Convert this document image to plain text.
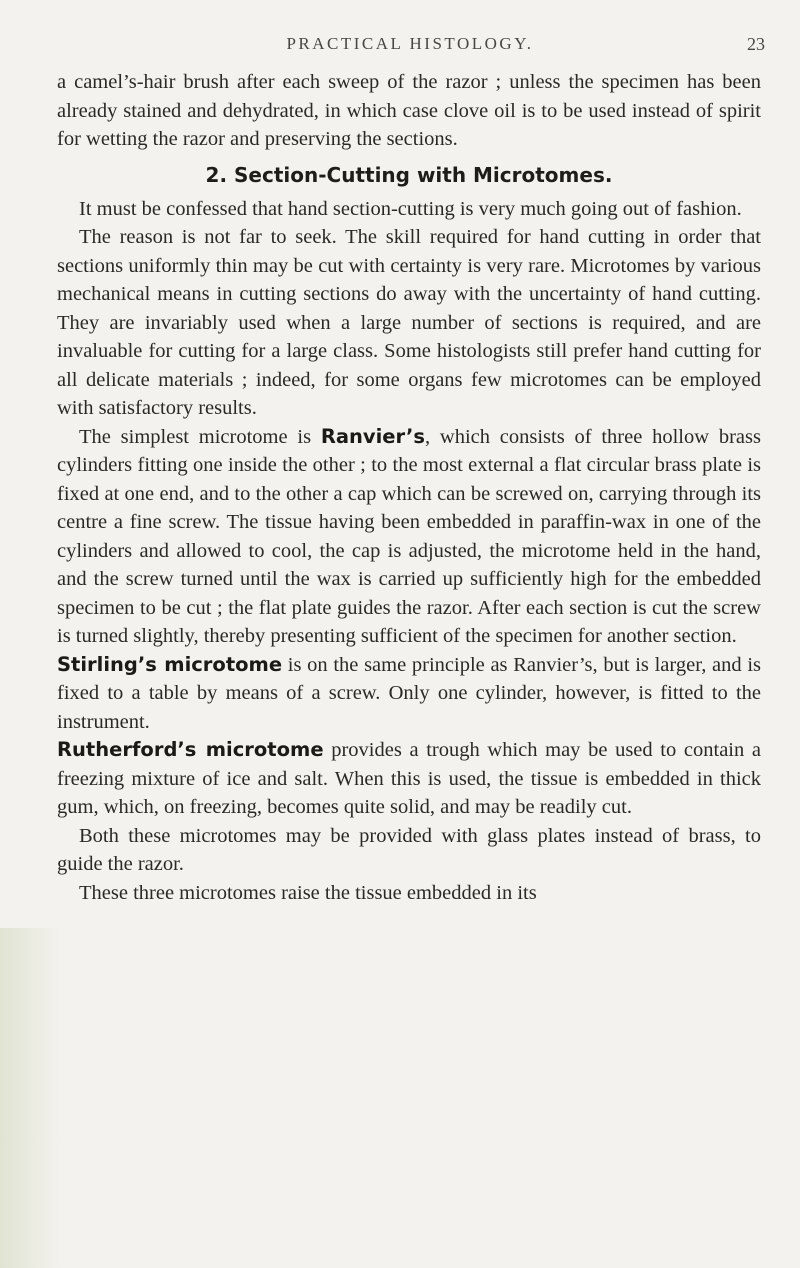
PRACTICAL HISTOLOGY.	23

a camel’s-hair brush after each sweep of the razor ; unless the specimen has been already stained and dehydrated, in which case clove oil is to be used instead of spirit for wetting the razor and preserving the sections.

2. Section-Cutting with Microtomes.

It must be confessed that hand section-cutting is very much going out of fashion.

The reason is not far to seek. The skill required for hand cutting in order that sections uniformly thin may be cut with certainty is very rare. Microtomes by various mechanical means in cutting sections do away with the uncertainty of hand cutting. They are invariably used when a large number of sections is required, and are invaluable for cutting for a large class. Some histologists still prefer hand cutting for all delicate materials ; indeed, for some organs few microtomes can be employed with satisfactory results.

The simplest microtome is Ranvier’s, which consists of three hollow brass cylinders fitting one inside the other ; to the most external a flat circular brass plate is fixed at one end, and to the other a cap which can be screwed on, carrying through its centre a fine screw. The tissue having been embedded in paraffin-wax in one of the cylinders and allowed to cool, the cap is adjusted, the microtome held in the hand, and the screw turned until the wax is carried up sufficiently high for the embedded specimen to be cut ; the flat plate guides the razor. After each section is cut the screw is turned slightly, thereby presenting sufficient of the specimen for another section.

Stirling’s microtome is on the same principle as Ranvier’s, but is larger, and is fixed to a table by means of a screw. Only one cylinder, however, is fitted to the instrument.

Rutherford’s microtome provides a trough which may be used to contain a freezing mixture of ice and salt. When this is used, the tissue is embedded in thick gum, which, on freezing, becomes quite solid, and may be readily cut.

Both these microtomes may be provided with glass plates instead of brass, to guide the razor.

These three microtomes raise the tissue embedded in its
